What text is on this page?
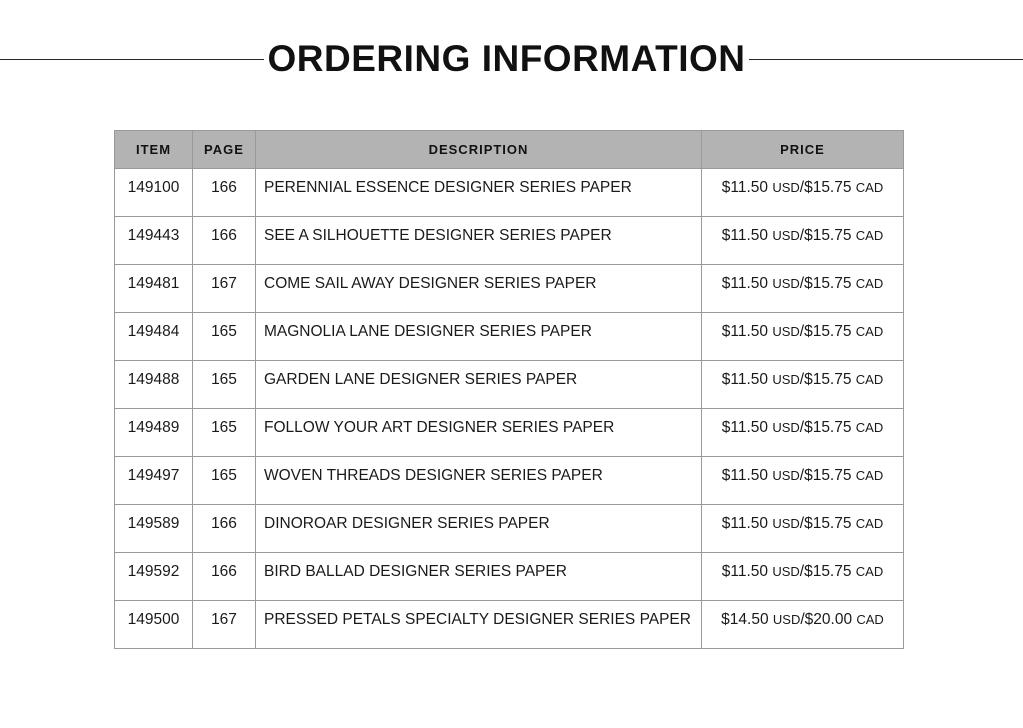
ORDERING INFORMATION
ITEM	PAGE	DESCRIPTION	PRICE
149100	166	PERENNIAL ESSENCE DESIGNER SERIES PAPER	$11.50 USD/$15.75 CAD
149443	166	SEE A SILHOUETTE DESIGNER SERIES PAPER	$11.50 USD/$15.75 CAD
149481	167	COME SAIL AWAY DESIGNER SERIES PAPER	$11.50 USD/$15.75 CAD
149484	165	MAGNOLIA LANE DESIGNER SERIES PAPER	$11.50 USD/$15.75 CAD
149488	165	GARDEN LANE DESIGNER SERIES PAPER	$11.50 USD/$15.75 CAD
149489	165	FOLLOW YOUR ART DESIGNER SERIES PAPER	$11.50 USD/$15.75 CAD
149497	165	WOVEN THREADS DESIGNER SERIES PAPER	$11.50 USD/$15.75 CAD
149589	166	DINOROAR DESIGNER SERIES PAPER	$11.50 USD/$15.75 CAD
149592	166	BIRD BALLAD DESIGNER SERIES PAPER	$11.50 USD/$15.75 CAD
149500	167	PRESSED PETALS SPECIALTY DESIGNER SERIES PAPER	$14.50 USD/$20.00 CAD
